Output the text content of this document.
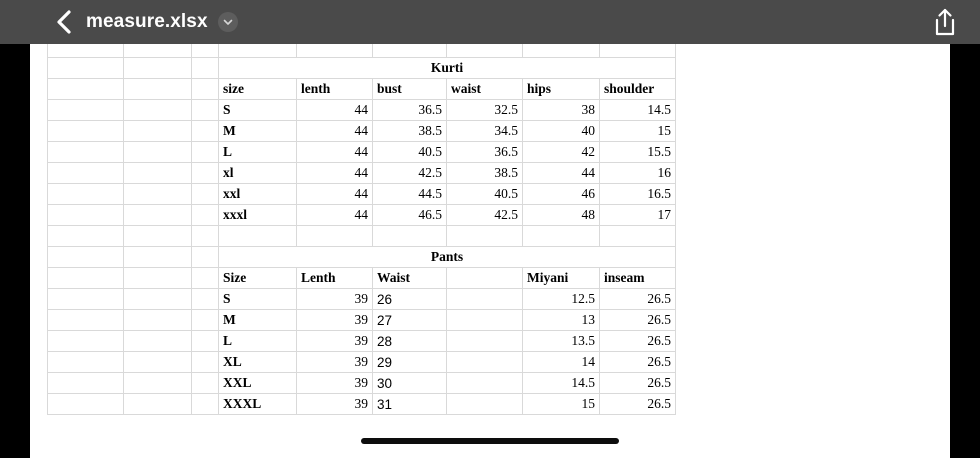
measure.xlsx

			Kurti					
			size	lenth	bust	waist	hips	shoulder
			S	44	36.5	32.5	38	14.5
			M	44	38.5	34.5	40	15
			L	44	40.5	36.5	42	15.5
			xl	44	42.5	38.5	44	16
			xxl	44	44.5	40.5	46	16.5
			xxxl	44	46.5	42.5	48	17

			Pants					
			Size	Lenth	Waist		Miyani	inseam
			S	39	26		12.5	26.5
			M	39	27		13	26.5
			L	39	28		13.5	26.5
			XL	39	29		14	26.5
			XXL	39	30		14.5	26.5
			XXXL	39	31		15	26.5
